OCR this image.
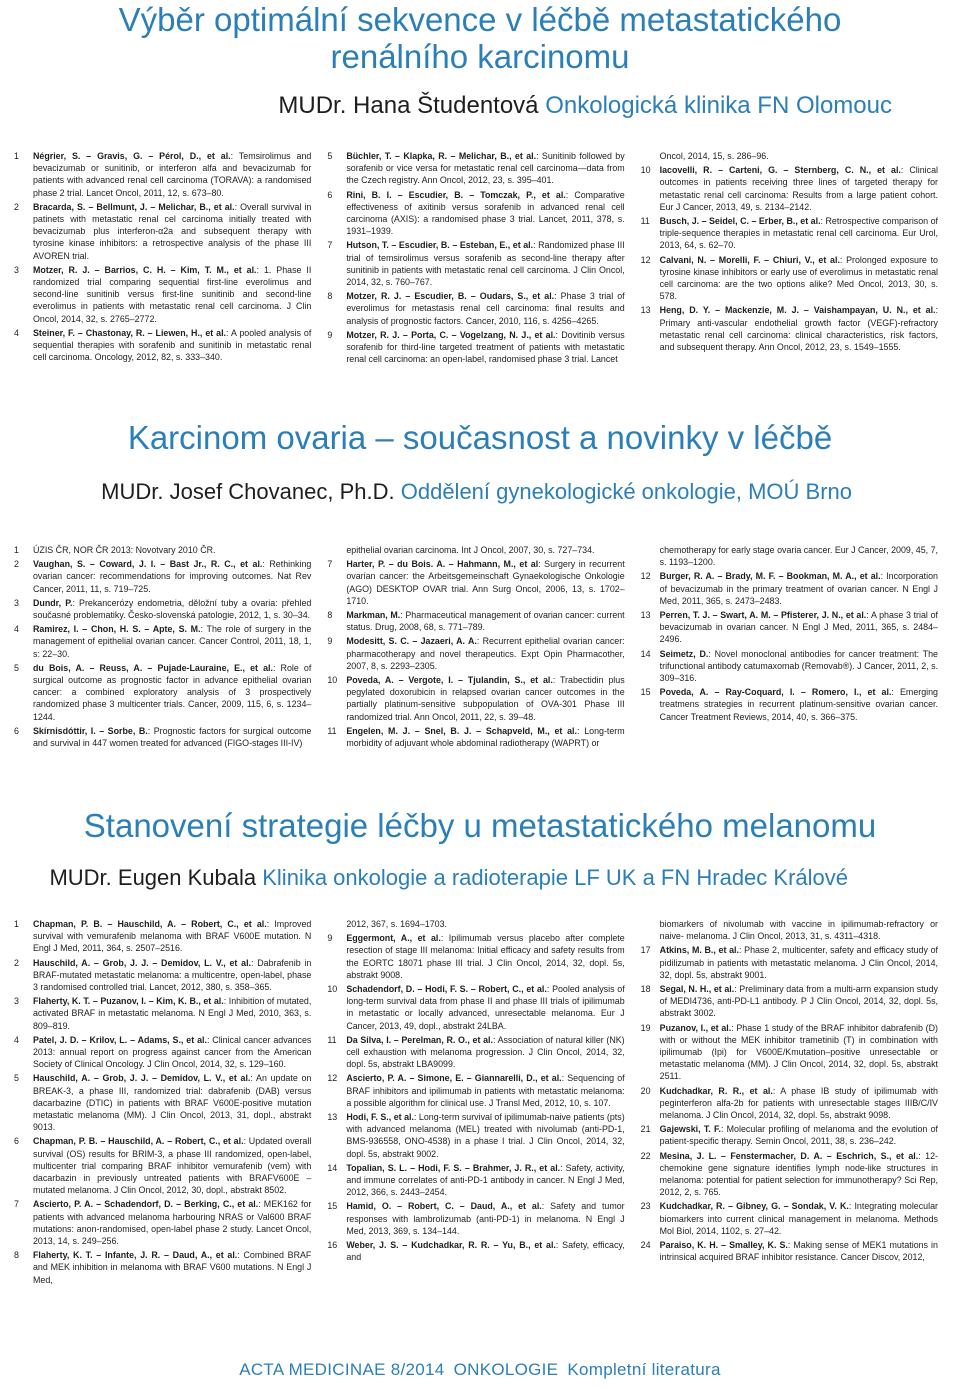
Výběr optimální sekvence v léčbě metastatického
renálního karcinomu
MUDr. Hana Študentová Onkologická klinika FN Olomouc
1	Négrier, S. – Gravis, G. – Pérol, D., et al.: Temsirolimus and bevacizumab or sunitinib, or interferon alfa and bevacizumab for patients with advanced renal cell carcinoma (TORAVA): a randomised phase 2 trial. Lancet Oncol, 2011, 12, s. 673–80.
2	Bracarda, S. – Bellmunt, J. – Melichar, B., et al.: Overall survival in patinets with metastatic renal cel carcinoma initially treated with bevacizumab plus interferon-α2a and subsequent therapy with tyrosine kinase inhibitors: a retrospective analysis of the phase III AVOREN trial.
3	Motzer, R. J. – Barrios, C. H. – Kim, T. M., et al.: 1. Phase II randomized trial comparing sequential first-line everolimus and second-line sunitinib versus first-line sunitinib and second-line everolimus in patients with metastatic renal cell carcinoma. J Clin Oncol, 2014, 32, s. 2765–2772.
4	Steiner, F. – Chastonay, R. – Liewen, H., et al.: A pooled analysis of sequential therapies with sorafenib and sunitinib in metastatic renal cell carcinoma. Oncology, 2012, 82, s. 333–340.
5	Büchler, T. – Klapka, R. – Melichar, B., et al.: Sunitinib followed by sorafenib or vice versa for metastatic renal cell carcinoma—data from the Czech registry. Ann Oncol, 2012, 23, s. 395–401.
6	Rini, B. I. – Escudier, B. – Tomczak, P., et al.: Comparative effectiveness of axitinib versus sorafenib in advanced renal cell carcinoma (AXIS): a randomised phase 3 trial. Lancet, 2011, 378, s. 1931–1939.
7	Hutson, T. – Escudier, B. – Esteban, E., et al.: Randomized phase III trial of temsirolimus versus sorafenib as second-line therapy after sunitinib in patients with metastatic renal cell carcinoma. J Clin Oncol, 2014, 32, s. 760–767.
8	Motzer, R. J. – Escudier, B. – Oudars, S., et al.: Phase 3 trial of everolimus for metastasis renal cell carcinoma: final results and analysis of prognostic factors. Cancer, 2010, 116, s. 4256–4265.
9	Motzer, R. J. – Porta, C. – Vogelzang, N. J., et al.: Dovitinib versus sorafenib for third-line targeted treatment of patients with metastatic renal cell carcinoma: an open-label, randomised phase 3 trial. Lancet
Oncol, 2014, 15, s. 286–96.
10	Iacovelli, R. – Carteni, G. – Sternberg, C. N., et al.: Clinical outcomes in patients receiving three lines of targeted therapy for metastatic renal cell carcinoma: Results from a large patient cohort. Eur J Cancer, 2013, 49, s. 2134–2142.
11	Busch, J. – Seidel, C. – Erber, B., et al.: Retrospective comparison of triple-sequence therapies in metastatic renal cell carcinoma. Eur Urol, 2013, 64, s. 62–70.
12	Calvani, N. – Morelli, F. – Chiuri, V., et al.: Prolonged exposure to tyrosine kinase inhibitors or early use of everolimus in metastatic renal cell carcinoma: are the two options alike? Med Oncol, 2013, 30, s. 578.
13	Heng, D. Y. – Mackenzie, M. J. – Vaishampayan, U. N., et al.: Primary anti-vascular endothelial growth factor (VEGF)-refractory metastatic renal cell carcinoma: clinical characteristics, risk factors, and subsequent therapy. Ann Oncol, 2012, 23, s. 1549–1555.
Karcinom ovaria – současnost a novinky v léčbě
MUDr. Josef Chovanec, Ph.D. Oddělení gynekologické onkologie, MOÚ Brno
1	ÚZIS ČR, NOR ČR 2013: Novotvary 2010 ČR.
2	Vaughan, S. – Coward, J. I. – Bast Jr., R. C., et al.: Rethinking ovarian cancer: recommendations for improving outcomes. Nat Rev Cancer, 2011, 11, s. 719–725.
3	Dundr, P.: Prekancerózy endometria, děložní tuby a ovaria: přehled současné problematiky. Česko-slovenská patologie, 2012, 1, s. 30–34.
4	Ramirez, I. – Chon, H. S. – Apte, S. M.: The role of surgery in the management of epithelial ovarian cancer. Cancer Control, 2011, 18, 1, s: 22–30.
5	du Bois, A. – Reuss, A. – Pujade-Lauraine, E., et al.: Role of surgical outcome as prognostic factor in advance epithelial ovarian cancer: a combined exploratory analysis of 3 prospectively randomized phase 3 multicenter trials. Cancer, 2009, 115, 6, s. 1234–1244.
6	Skírnisdóttir, I. – Sorbe, B.: Prognostic factors for surgical outcome and survival in 447 women treated for advanced (FIGO-stages III-IV)
epithelial ovarian carcinoma. Int J Oncol, 2007, 30, s. 727–734.
7	Harter, P. – du Bois. A. – Hahmann, M., et al: Surgery in recurrent ovarian cancer: the Arbeitsgemeinschaft Gynaekologische Onkologie (AGO) DESKTOP OVAR trial. Ann Surg Oncol, 2006, 13, s. 1702–1710.
8	Markman, M.: Pharmaceutical management of ovarian cancer: current status. Drug, 2008, 68, s. 771–789.
9	Modesitt, S. C. – Jazaeri, A. A.: Recurrent epithelial ovarian cancer: pharmacotherapy and novel therapeutics. Expt Opin Pharmacother, 2007, 8, s. 2293–2305.
10	Poveda, A. – Vergote, I. – Tjulandin, S., et al.: Trabectidin plus pegylated doxorubicin in relapsed ovarian cancer outcomes in the partially platinum-sensitive subpopulation of OVA-301 Phase III randomized trial. Ann Oncol, 2011, 22, s. 39–48.
11	Engelen, M. J. – Snel, B. J. – Schapveld, M., et al.: Long-term morbidity of adjuvant whole abdominal radiotherapy (WAPRT) or
chemotherapy for early stage ovaria cancer. Eur J Cancer, 2009, 45, 7, s. 1193–1200.
12	Burger, R. A. – Brady, M. F. – Bookman, M. A., et al.: Incorporation of bevacizumab in the primary treatment of ovarian cancer. N Engl J Med, 2011, 365, s. 2473–2483.
13	Perren, T. J. – Swart, A. M. – Pfisterer, J. N., et al.: A phase 3 trial of bevacizumab in ovarian cancer. N Engl J Med, 2011, 365, s. 2484–2496.
14	Seimetz, D.: Novel monoclonal antibodies for cancer treatment: The trifunctional antibody catumaxomab (Removab®). J Cancer, 2011, 2, s. 309–316.
15	Poveda, A. – Ray-Coquard, I. – Romero, I., et al.: Emerging treatmens strategies in recurrent platinum-sensitive ovarian cancer. Cancer Treatment Reviews, 2014, 40, s. 366–375.
Stanovení strategie léčby u metastatického melanomu
MUDr. Eugen Kubala Klinika onkologie a radioterapie LF UK a FN Hradec Králové
1	Chapman, P. B. – Hauschild, A. – Robert, C., et al.: Improved survival with vemurafenib melanoma with BRAF V600E mutation. N Engl J Med, 2011, 364, s. 2507–2516.
2	Hauschild, A. – Grob, J. J. – Demidov, L. V., et al.: Dabrafenib in BRAF-mutated metastatic melanoma: a multicentre, open-label, phase 3 randomised controlled trial. Lancet, 2012, 380, s. 358–365.
3	Flaherty, K. T. – Puzanov, I. – Kim, K. B., et al.: Inhibition of mutated, activated BRAF in metastatic melanoma. N Engl J Med, 2010, 363, s. 809–819.
4	Patel, J. D. – Krilov, L. – Adams, S., et al.: Clinical cancer advances 2013: annual report on progress against cancer from the American Society of Clinical Oncology. J Clin Oncol, 2014, 32, s. 129–160.
5	Hauschild, A. – Grob, J. J. – Demidov, L. V., et al.: An update on BREAK-3, a phase III, randomized trial: dabrafenib (DAB) versus dacarbazine (DTIC) in patients with BRAF V600E-positive mutation metastatic melanoma (MM). J Clin Oncol, 2013, 31, dopl., abstrakt 9013.
6	Chapman, P. B. – Hauschild, A. – Robert, C., et al.: Updated overall survival (OS) results for BRIM-3, a phase III randomized, open-label, multicenter trial comparing BRAF inhibitor vemurafenib (vem) with dacarbazin in previously untreated patients with BRAFV600E – mutated melanoma. J Clin Oncol, 2012, 30, dopl., abstrakt 8502.
7	Ascierto, P. A. – Schadendorf, D. – Berking, C., et al.: MEK162 for patients with advanced melanoma harbouring NRAS or Val600 BRAF mutations: anon-randomised, open-label phase 2 study. Lancet Oncol, 2013, 14, s. 249–256.
8	Flaherty, K. T. – Infante, J. R. – Daud, A., et al.: Combined BRAF and MEK inhibition in melanoma with BRAF V600 mutations. N Engl J Med,
2012, 367, s. 1694–1703.
9	Eggermont, A., et al.: Ipilimumab versus placebo after complete resection of stage III melanoma: Initial efficacy and safety results from the EORTC 18071 phase III trial. J Clin Oncol, 2014, 32, dopl. 5s, abstrakt 9008.
10	Schadendorf, D. – Hodi, F. S. – Robert, C., et al.: Pooled analysis of long-term survival data from phase II and phase III trials of ipilimumab in metastatic or locally advanced, unresectable melanoma. Eur J Cancer, 2013, 49, dopl., abstrakt 24LBA.
11	Da Silva, I. – Perelman, R. O., et al.: Association of natural killer (NK) cell exhaustion with melanoma progression. J Clin Oncol, 2014, 32, dopl. 5s, abstrakt LBA9099.
12	Ascierto, P. A. – Simone, E. – Giannarelli, D., et al.: Sequencing of BRAF inhibitors and ipilimumab in patients with metastatic melanoma: a possible algorithm for clinical use. J Transl Med, 2012, 10, s. 107.
13	Hodi, F. S., et al.: Long-term survival of ipilimumab-naive patients (pts) with advanced melanoma (MEL) treated with nivolumab (anti-PD-1, BMS-936558, ONO-4538) in a phase I trial. J Clin Oncol, 2014, 32, dopl. 5s, abstrakt 9002.
14	Topalian, S. L. – Hodi, F. S. – Brahmer, J. R., et al.: Safety, activity, and immune correlates of anti-PD-1 antibody in cancer. N Engl J Med, 2012, 366, s. 2443–2454.
15	Hamid, O. – Robert, C. – Daud, A., et al.: Safety and tumor responses with lambrolizumab (anti-PD-1) in melanoma. N Engl J Med, 2013, 369, s. 134–144.
16	Weber, J. S. – Kudchadkar, R. R. – Yu, B., et al.: Safety, efficacy, and
biomarkers of nivolumab with vaccine in ipilimumab-refractory or naive- melanoma. J Clin Oncol, 2013, 31, s. 4311–4318.
17	Atkins, M. B., et al.: Phase 2, multicenter, safety and efficacy study of pidilizumab in patients with metastatic melanoma. J Clin Oncol, 2014, 32, dopl. 5s, abstrakt 9001.
18	Segal, N. H., et al.: Preliminary data from a multi-arm expansion study of MEDI4736, anti-PD-L1 antibody. P J Clin Oncol, 2014, 32, dopl. 5s, abstrakt 3002.
19	Puzanov, I., et al.: Phase 1 study of the BRAF inhibitor dabrafenib (D) with or without the MEK inhibitor trametinib (T) in combination with ipilimumab (Ipi) for V600E/Kmutation–positive unresectable or metastatic melanoma (MM). J Clin Oncol, 2014, 32, dopl. 5s, abstrakt 2511.
20	Kudchadkar, R. R., et al.: A phase IB study of ipilimumab with peginterferon alfa-2b for patients with unresectable stages IIIB/C/IV melanoma. J Clin Oncol, 2014, 32, dopl. 5s, abstrakt 9098.
21	Gajewski, T. F.: Molecular profiling of melanoma and the evolution of patient-specific therapy. Semin Oncol, 2011, 38, s. 236–242.
22	Mesina, J. L. – Fenstermacher, D. A. – Eschrich, S., et al.: 12-chemokine gene signature identifies lymph node-like structures in melanoma: potential for patient selection for immunotherapy? Sci Rep, 2012, 2, s. 765.
23	Kudchadkar, R. – Gibney, G. – Sondak, V. K.: Integrating molecular biomarkers into current clinical management in melanoma. Methods Mol Biol, 2014, 1102, s. 27–42.
24	Paraiso, K. H. – Smalley, K. S.: Making sense of MEK1 mutations in intrinsical acquired BRAF inhibitor resistance. Cancer Discov, 2012,
ACTA MEDICINAE 8/2014 ONKOLOGIE Kompletní literatura
